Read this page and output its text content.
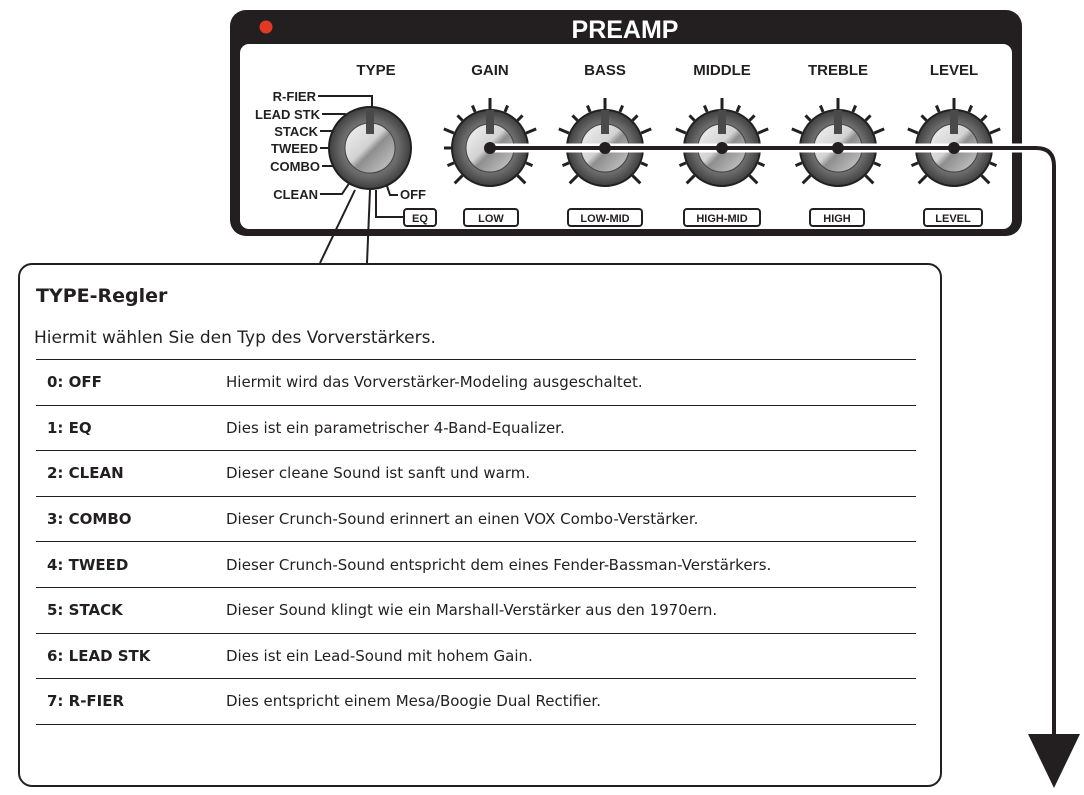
PREAMP
TYPE	GAIN	BASS	MIDDLE	TREBLE	LEVEL
R-FIER
LEAD STK
STACK
TWEED
COMBO
CLEAN	OFF
EQ	LOW	LOW-MID	HIGH-MID	HIGH	LEVEL

TYPE-Regler

Hiermit wählen Sie den Typ des Vorverstärkers.

0: OFF	Hiermit wird das Vorverstärker-Modeling ausgeschaltet.
1: EQ	Dies ist ein parametrischer 4-Band-Equalizer.
2: CLEAN	Dieser cleane Sound ist sanft und warm.
3: COMBO	Dieser Crunch-Sound erinnert an einen VOX Combo-Verstärker.
4: TWEED	Dieser Crunch-Sound entspricht dem eines Fender-Bassman-Verstärkers.
5: STACK	Dieser Sound klingt wie ein Marshall-Verstärker aus den 1970ern.
6: LEAD STK	Dies ist ein Lead-Sound mit hohem Gain.
7: R-FIER	Dies entspricht einem Mesa/Boogie Dual Rectifier.
